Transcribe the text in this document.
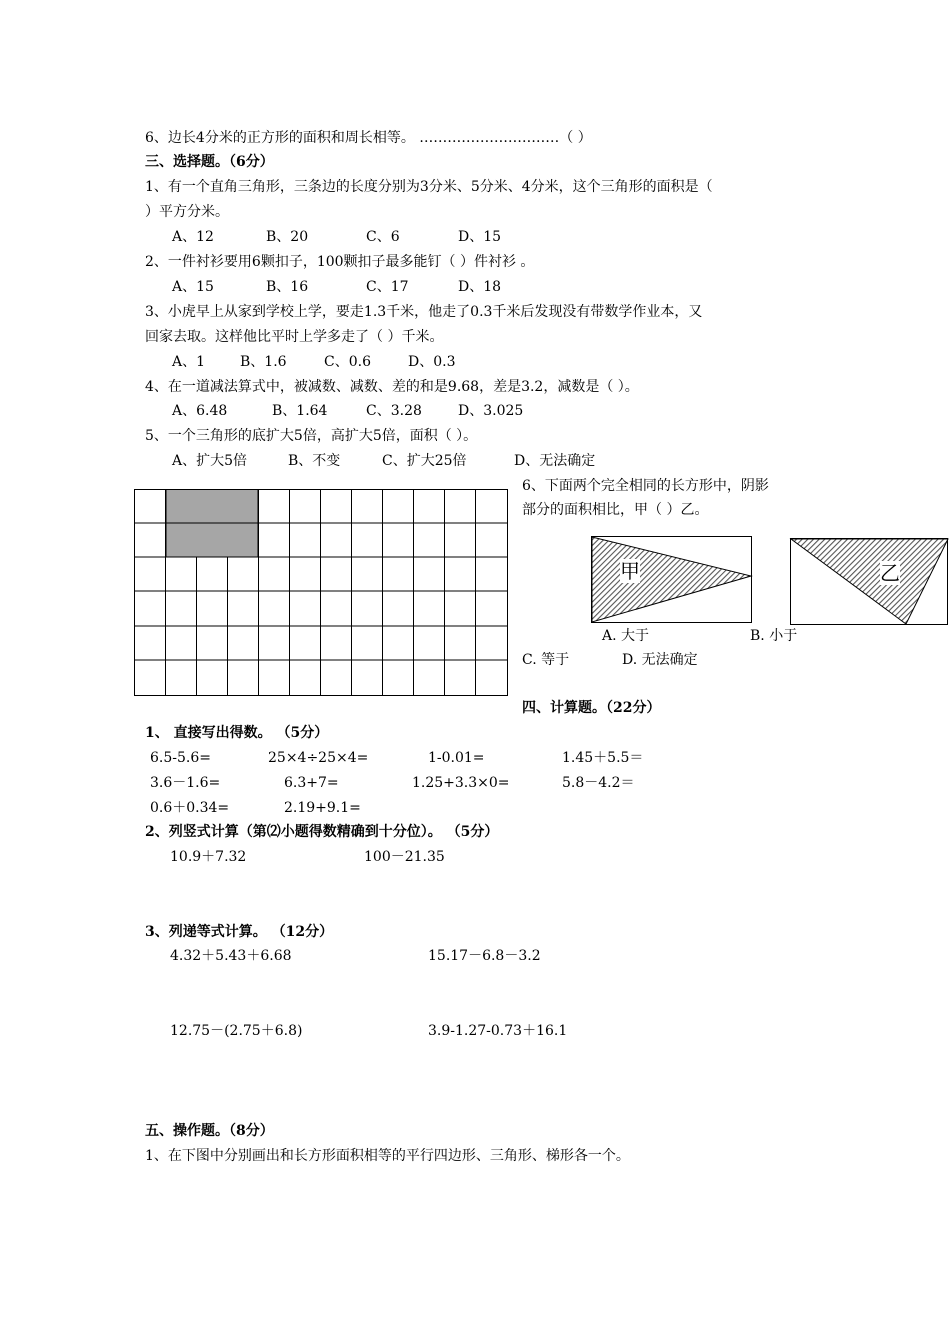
6、边长4分米的正方形的面积和周长相等。 …………………………（ ）
三、选择题。（6分）
1、有一个直角三角形，三条边的长度分别为3分米、5分米、4分米，这个三角形的面积是（
）平方分米。
A、12	B、20	C、6	D、15
2、一件衬衫要用6颗扣子，100颗扣子最多能钉（ ）件衬衫 。
A、15	B、16	C、17	D、18
3、小虎早上从家到学校上学，要走1.3千米，他走了0.3千米后发现没有带数学作业本，又
回家去取。这样他比平时上学多走了（ ）千米。
A、1 B、1.6	C、0.6	D、0.3
4、在一道减法算式中，被减数、减数、差的和是9.68，差是3.2，减数是（ ）。
A、6.48	B、1.64	C、3.28	D、3.025
5、一个三角形的底扩大5倍，高扩大5倍，面积（ ）。
A、扩大5倍	B、不变	C、扩大25倍	D、无法确定
6、下面两个完全相同的长方形中，阴影
部分的面积相比，甲（ ）乙。
甲	乙
A. 大于	B. 小于
C. 等于	D. 无法确定
四、计算题。（22分）
1、 直接写出得数。 （5分）
6.5-5.6=	25×4÷25×4=	1-0.01=	1.45＋5.5＝
3.6－1.6=	6.3+7=	1.25+3.3×0=	5.8－4.2＝
0.6＋0.34=	2.19+9.1=
2、列竖式计算（第⑵小题得数精确到十分位）。 （5分）
10.9＋7.32	100－21.35
3、列递等式计算。 （12分）
4.32＋5.43＋6.68	15.17－6.8－3.2
12.75－(2.75＋6.8)	3.9-1.27-0.73＋16.1
五、操作题。（8分）
1、在下图中分别画出和长方形面积相等的平行四边形、三角形、梯形各一个。
